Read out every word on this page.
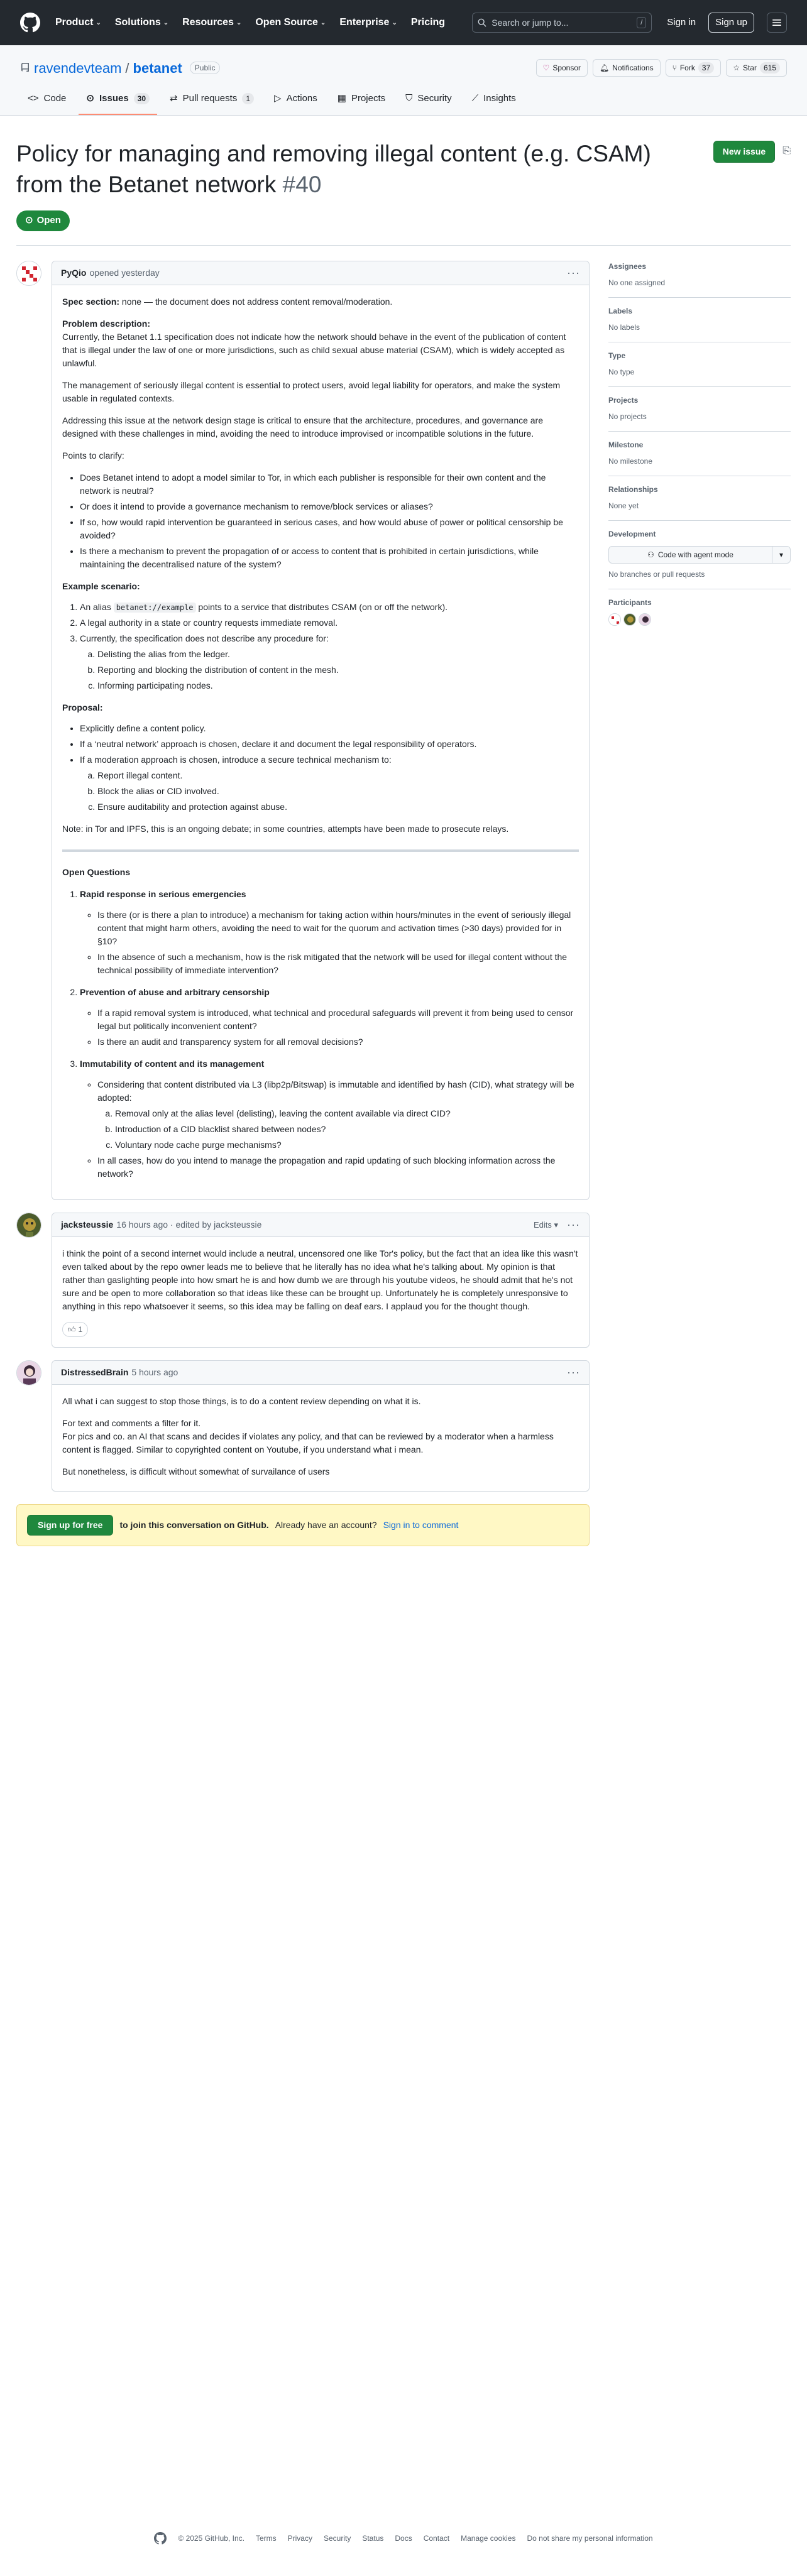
Product ⌄ Solutions ⌄ Resources ⌄ Open Source ⌄ Enterprise ⌄ Pricing	Search or jump to...	/	Sign in	Sign up
ravendevteam / betanet	Public	♡ Sponsor	🔔︎ Notifications	⑂ Fork 37	☆ Star 615
<> Code ⊙ Issues	30	⇄ Pull requests	1	▷ Actions ▦ Projects ⛉ Security ⟋ Insights
Policy for managing and removing illegal content (e.g. CSAM) from the Betanet network #40
New issue	⎘
⊙ Open
PyQio opened yesterday	···

Spec section: none — the document does not address content removal/moderation.

Problem description:
Currently, the Betanet 1.1 specification does not indicate how the network should behave in the event of the publication of content that is illegal under the law of one or more jurisdictions, such as child sexual abuse material (CSAM), which is widely accepted as unlawful.

The management of seriously illegal content is essential to protect users, avoid legal liability for operators, and make the system usable in regulated contexts.

Addressing this issue at the network design stage is critical to ensure that the architecture, procedures, and governance are designed with these challenges in mind, avoiding the need to introduce improvised or incompatible solutions in the future.

Points to clarify:

• Does Betanet intend to adopt a model similar to Tor, in which each publisher is responsible for their own content and the network is neutral?
• Or does it intend to provide a governance mechanism to remove/block services or aliases?
• If so, how would rapid intervention be guaranteed in serious cases, and how would abuse of power or political censorship be avoided?
• Is there a mechanism to prevent the propagation of or access to content that is prohibited in certain jurisdictions, while maintaining the decentralised nature of the system?
Example scenario:
1. An alias betanet://example points to a service that distributes CSAM (on or off the network).
2. A legal authority in a state or country requests immediate removal.
3. Currently, the specification does not describe any procedure for:
a. Delisting the alias from the ledger.
b. Reporting and blocking the distribution of content in the mesh.
c. Informing participating nodes.
Proposal:
• Explicitly define a content policy.
• If a ‘neutral network’ approach is chosen, declare it and document the legal responsibility of operators.
• If a moderation approach is chosen, introduce a secure technical mechanism to:
a. Report illegal content.
b. Block the alias or CID involved.
c. Ensure auditability and protection against abuse.

Note: in Tor and IPFS, this is an ongoing debate; in some countries, attempts have been made to prosecute relays.

Open Questions
1. Rapid response in serious emergencies
◦ Is there (or is there a plan to introduce) a mechanism for taking action within hours/minutes in the event of seriously illegal content that might harm others, avoiding the need to wait for the quorum and activation times (>30 days) provided for in §10?
◦ In the absence of such a mechanism, how is the risk mitigated that the network will be used for illegal content without the technical possibility of immediate intervention?
2. Prevention of abuse and arbitrary censorship
◦ If a rapid removal system is introduced, what technical and procedural safeguards will prevent it from being used to censor legal but politically inconvenient content?
◦ Is there an audit and transparency system for all removal decisions?
3. Immutability of content and its management
◦ Considering that content distributed via L3 (libp2p/Bitswap) is immutable and identified by hash (CID), what strategy will be adopted:
a. Removal only at the alias level (delisting), leaving the content available via direct CID?
b. Introduction of a CID blacklist shared between nodes?
c. Voluntary node cache purge mechanisms?
◦ In all cases, how do you intend to manage the propagation and rapid updating of such blocking information across the network?
jacksteussie 16 hours ago · edited by jacksteussie	Edits ▾ ···

i think the point of a second internet would include a neutral, uncensored one like Tor's policy, but the fact that an idea like this wasn't even talked about by the repo owner leads me to believe that he literally has no idea what he's talking about. My opinion is that rather than gaslighting people into how smart he is and how dumb we are through his youtube videos, he should admit that he's not sure and be open to more collaboration so that ideas like these can be brought up. Unfortunately he is completely unresponsive to anything in this repo whatsoever it seems, so this idea may be falling on deaf ears. I applaud you for the thought though.

👍︎ 1
DistressedBrain 5 hours ago	···

All what i can suggest to stop those things, is to do a content review depending on what it is.

For text and comments a filter for it.
For pics and co. an AI that scans and decides if violates any policy, and that can be reviewed by a moderator when a harmless content is flagged. Similar to copyrighted content on Youtube, if you understand what i mean.

But nonetheless, is difficult without somewhat of survailance of users

Sign up for free	to join this conversation on GitHub. Already have an account? Sign in to comment
Assignees
No one assigned
Labels
No labels
Type
No type
Projects
No projects
Milestone
No milestone
Relationships
None yet
Development
⚇ Code with agent mode	▾
No branches or pull requests
Participants
© 2025 GitHub, Inc. Terms Privacy Security Status Docs Contact Manage cookies Do not share my personal information
